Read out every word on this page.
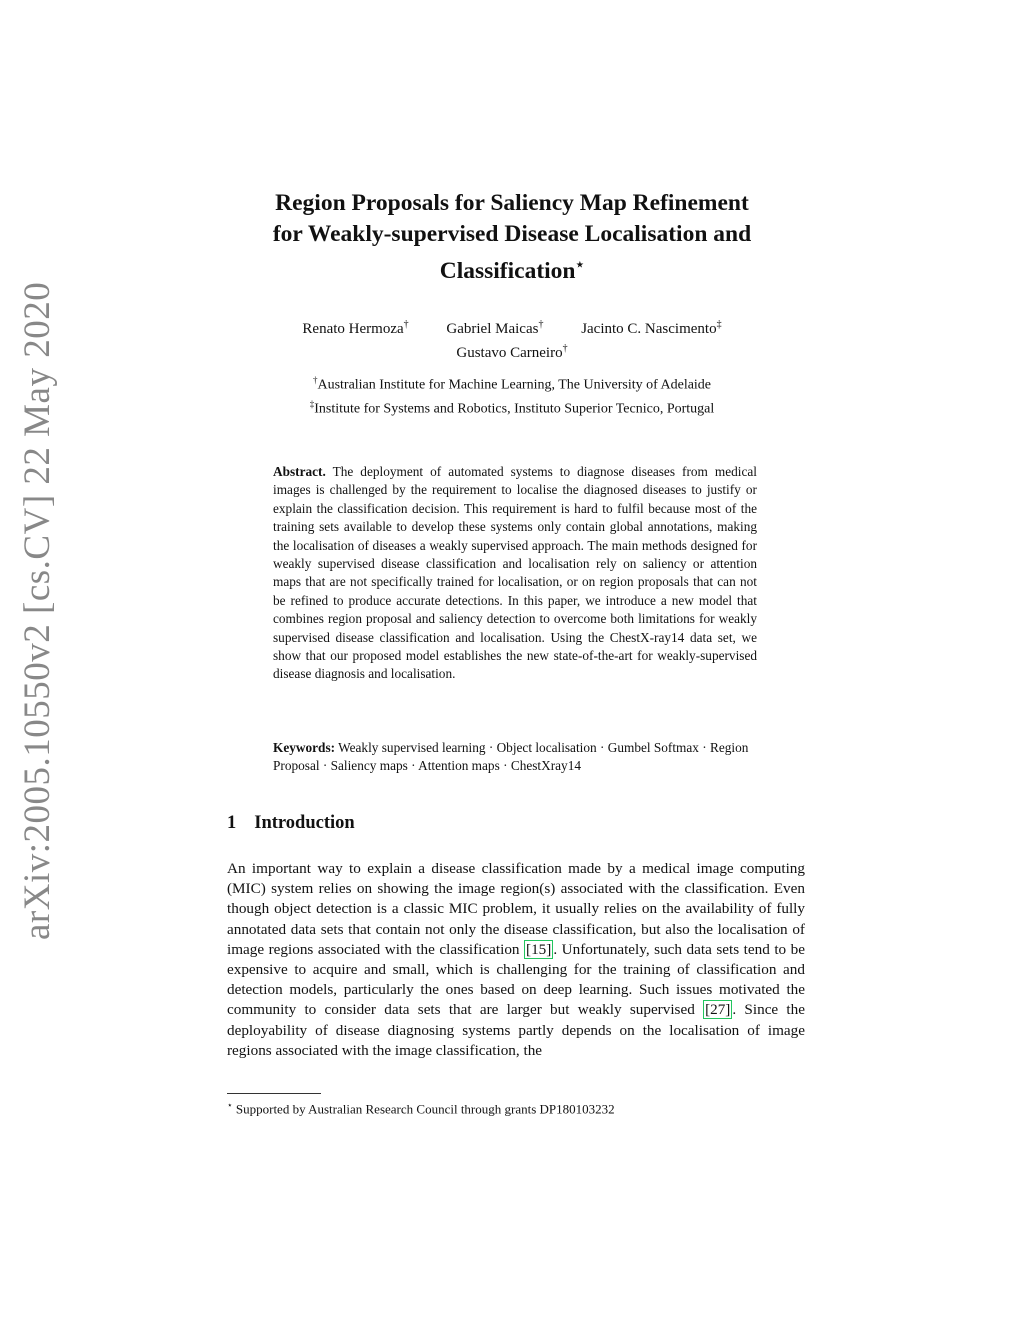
arXiv:2005.10550v2 [cs.CV] 22 May 2020
Region Proposals for Saliency Map Refinement
for Weakly-supervised Disease Localisation and
Classification⋆
Renato Hermoza†	Gabriel Maicas†	Jacinto C. Nascimento‡
Gustavo Carneiro†
†Australian Institute for Machine Learning, The University of Adelaide
‡Institute for Systems and Robotics, Instituto Superior Tecnico, Portugal
Abstract. The deployment of automated systems to diagnose diseases from medical images is challenged by the requirement to localise the diagnosed diseases to justify or explain the classification decision. This requirement is hard to fulfil because most of the training sets available to develop these systems only contain global annotations, making the localisation of diseases a weakly supervised approach. The main methods designed for weakly supervised disease classification and localisation rely on saliency or attention maps that are not specifically trained for localisation, or on region proposals that can not be refined to produce accurate detections. In this paper, we introduce a new model that combines region proposal and saliency detection to overcome both limitations for weakly supervised disease classification and localisation. Using the ChestX-ray14 data set, we show that our proposed model establishes the new state-of-the-art for weakly-supervised disease diagnosis and localisation.
Keywords: Weakly supervised learning · Object localisation · Gumbel Softmax · Region Proposal · Saliency maps · Attention maps · ChestXray14
1 Introduction
An important way to explain a disease classification made by a medical image computing (MIC) system relies on showing the image region(s) associated with the classification. Even though object detection is a classic MIC problem, it usually relies on the availability of fully annotated data sets that contain not only the disease classification, but also the localisation of image regions associated with the classification [15] . Unfortunately, such data sets tend to be expensive to acquire and small, which is challenging for the training of classification and detection models, particularly the ones based on deep learning. Such issues motivated the community to consider data sets that are larger but weakly supervised [27] . Since the deployability of disease diagnosing systems partly depends on the localisation of image regions associated with the image classification, the
⋆ Supported by Australian Research Council through grants DP180103232
